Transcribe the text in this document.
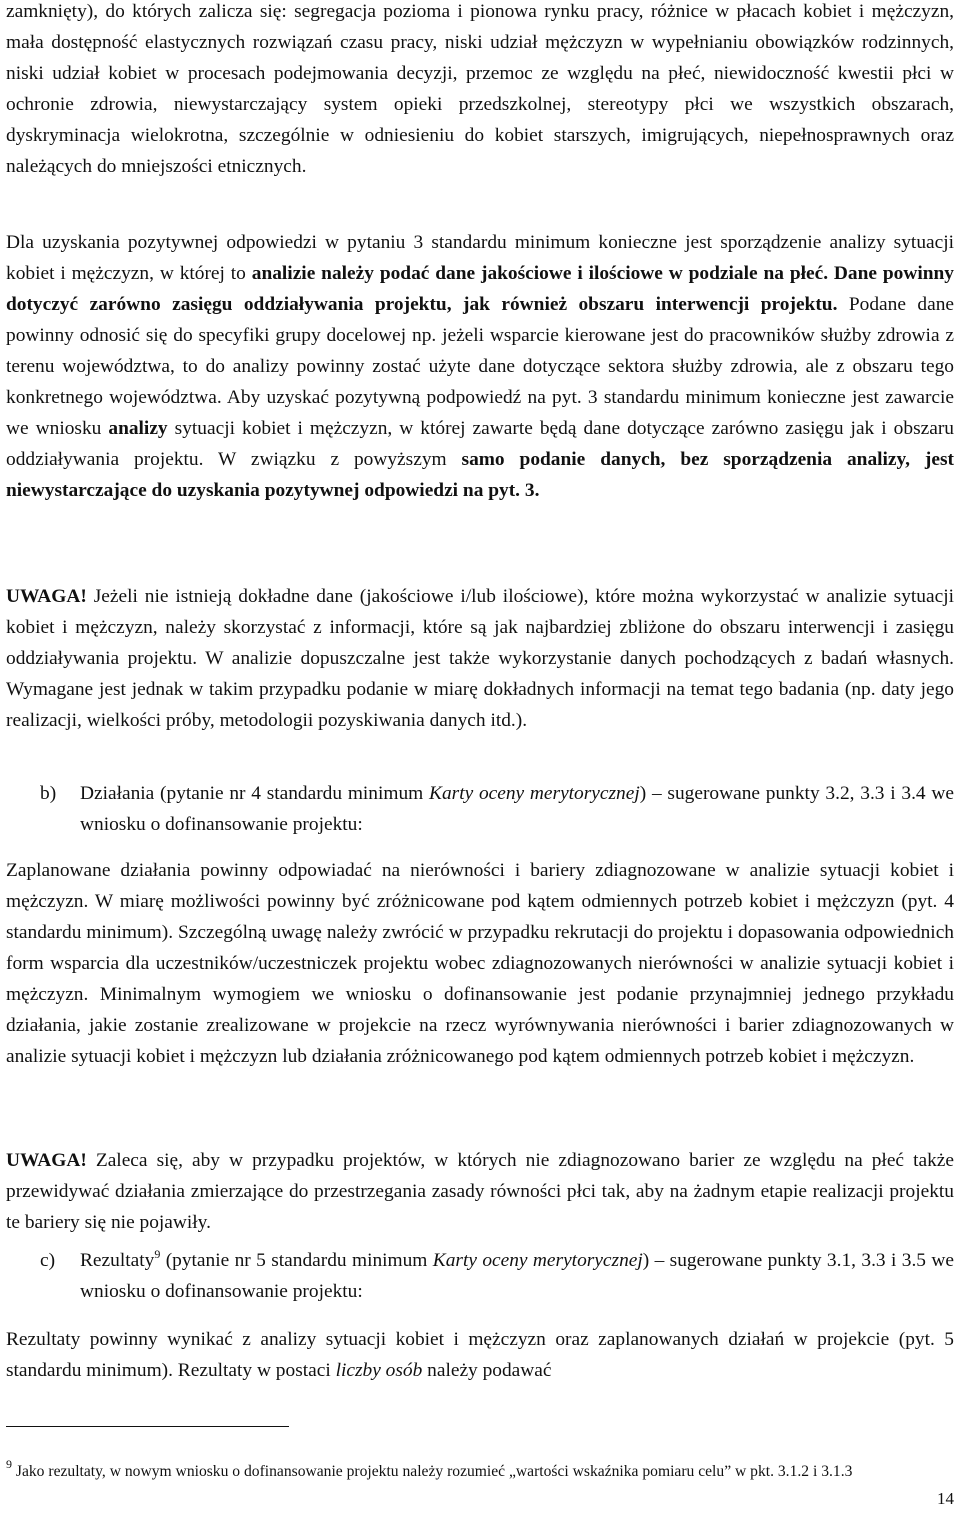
zamknięty), do których zalicza się: segregacja pozioma i pionowa rynku pracy, różnice w płacach kobiet i mężczyzn, mała dostępność elastycznych rozwiązań czasu pracy, niski udział mężczyzn w wypełnianiu obowiązków rodzinnych, niski udział kobiet w procesach podejmowania decyzji, przemoc ze względu na płeć, niewidoczność kwestii płci w ochronie zdrowia, niewystarczający system opieki przedszkolnej, stereotypy płci we wszystkich obszarach, dyskryminacja wielokrotna, szczególnie w odniesieniu do kobiet starszych, imigrujących, niepełnosprawnych oraz należących do mniejszości etnicznych.

Dla uzyskania pozytywnej odpowiedzi w pytaniu 3 standardu minimum konieczne jest sporządzenie analizy sytuacji kobiet i mężczyzn, w której to analizie należy podać dane jakościowe i ilościowe w podziale na płeć. Dane powinny dotyczyć zarówno zasięgu oddziaływania projektu, jak również obszaru interwencji projektu. Podane dane powinny odnosić się do specyfiki grupy docelowej np. jeżeli wsparcie kierowane jest do pracowników służby zdrowia z terenu województwa, to do analizy powinny zostać użyte dane dotyczące sektora służby zdrowia, ale z obszaru tego konkretnego województwa. Aby uzyskać pozytywną podpowiedź na pyt. 3 standardu minimum konieczne jest zawarcie we wniosku analizy sytuacji kobiet i mężczyzn, w której zawarte będą dane dotyczące zarówno zasięgu jak i obszaru oddziaływania projektu. W związku z powyższym samo podanie danych, bez sporządzenia analizy, jest niewystarczające do uzyskania pozytywnej odpowiedzi na pyt. 3.

UWAGA! Jeżeli nie istnieją dokładne dane (jakościowe i/lub ilościowe), które można wykorzystać w analizie sytuacji kobiet i mężczyzn, należy skorzystać z informacji, które są jak najbardziej zbliżone do obszaru interwencji i zasięgu oddziaływania projektu. W analizie dopuszczalne jest także wykorzystanie danych pochodzących z badań własnych. Wymagane jest jednak w takim przypadku podanie w miarę dokładnych informacji na temat tego badania (np. daty jego realizacji, wielkości próby, metodologii pozyskiwania danych itd.).

b) Działania (pytanie nr 4 standardu minimum Karty oceny merytorycznej) – sugerowane punkty 3.2, 3.3 i 3.4 we wniosku o dofinansowanie projektu:

Zaplanowane działania powinny odpowiadać na nierówności i bariery zdiagnozowane w analizie sytuacji kobiet i mężczyzn. W miarę możliwości powinny być zróżnicowane pod kątem odmiennych potrzeb kobiet i mężczyzn (pyt. 4 standardu minimum). Szczególną uwagę należy zwrócić w przypadku rekrutacji do projektu i dopasowania odpowiednich form wsparcia dla uczestników/uczestniczek projektu wobec zdiagnozowanych nierówności w analizie sytuacji kobiet i mężczyzn. Minimalnym wymogiem we wniosku o dofinansowanie jest podanie przynajmniej jednego przykładu działania, jakie zostanie zrealizowane w projekcie na rzecz wyrównywania nierówności i barier zdiagnozowanych w analizie sytuacji kobiet i mężczyzn lub działania zróżnicowanego pod kątem odmiennych potrzeb kobiet i mężczyzn.

UWAGA! Zaleca się, aby w przypadku projektów, w których nie zdiagnozowano barier ze względu na płeć także przewidywać działania zmierzające do przestrzegania zasady równości płci tak, aby na żadnym etapie realizacji projektu te bariery się nie pojawiły.

c) Rezultaty$^9$ (pytanie nr 5 standardu minimum Karty oceny merytorycznej) – sugerowane punkty 3.1, 3.3 i 3.5 we wniosku o dofinansowanie projektu:

Rezultaty powinny wynikać z analizy sytuacji kobiet i mężczyzn oraz zaplanowanych działań w projekcie (pyt. 5 standardu minimum). Rezultaty w postaci liczby osób należy podawać

$^9$ Jako rezultaty, w nowym wniosku o dofinansowanie projektu należy rozumieć „wartości wskaźnika pomiaru celu” w pkt. 3.1.2 i 3.1.3

14
